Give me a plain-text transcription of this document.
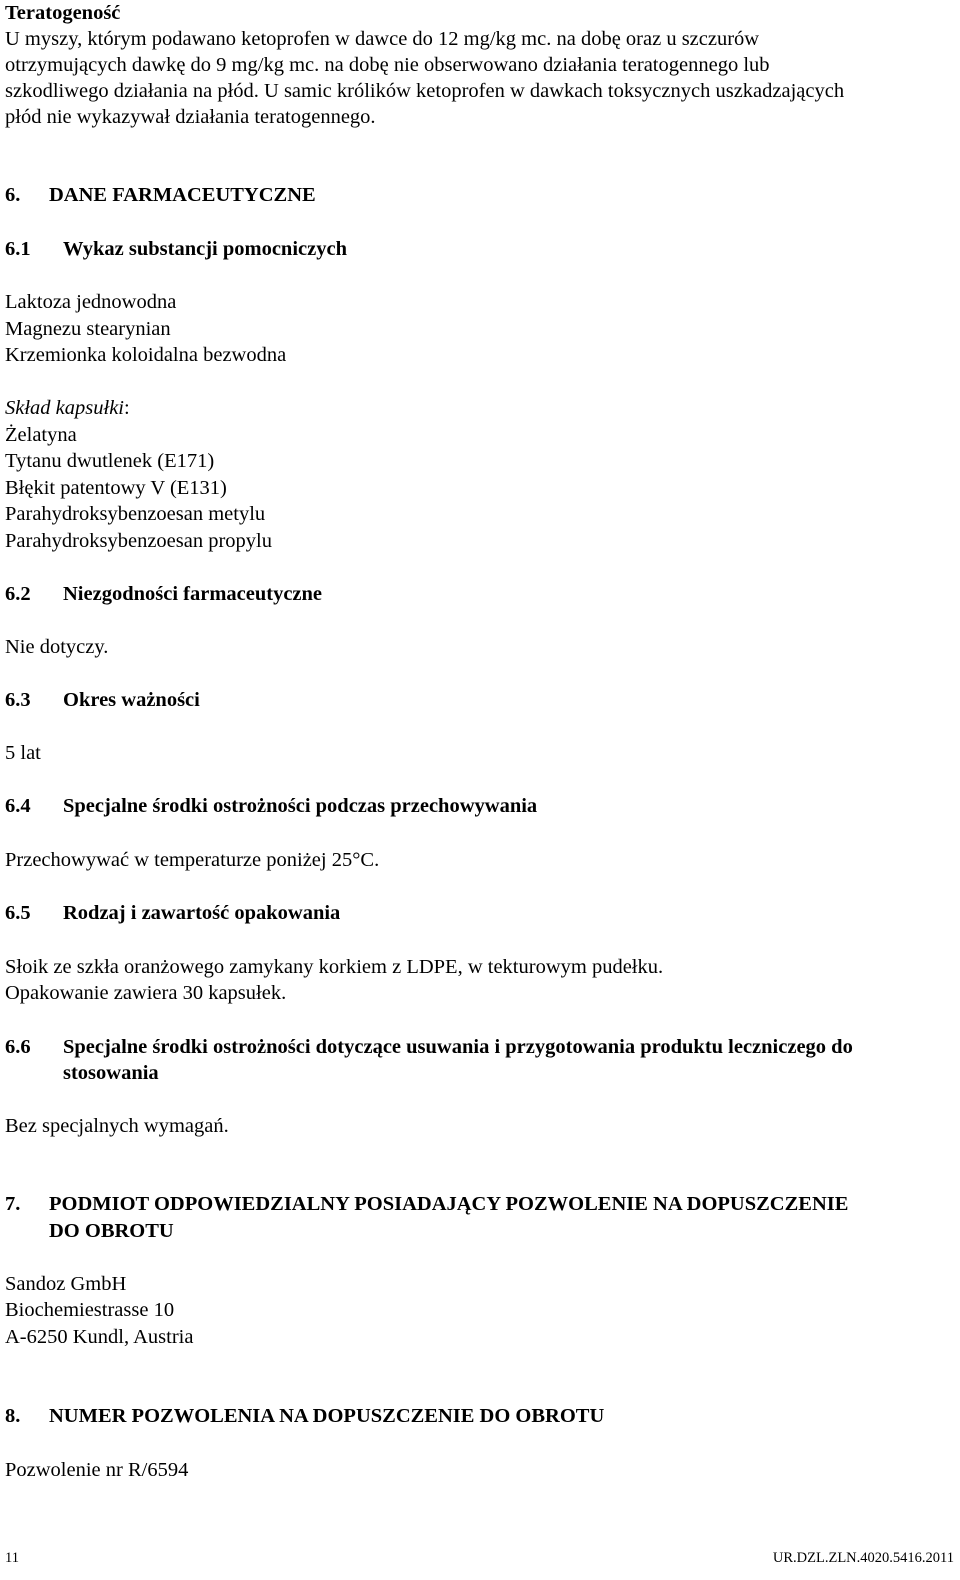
Teratogeność
U myszy, którym podawano ketoprofen w dawce do 12 mg/kg mc. na dobę oraz u szczurów
otrzymujących dawkę do 9 mg/kg mc. na dobę nie obserwowano działania teratogennego lub
szkodliwego działania na płód. U samic królików ketoprofen w dawkach toksycznych uszkadzających
płód nie wykazywał działania teratogennego.
6. DANE FARMACEUTYCZNE
6.1 Wykaz substancji pomocniczych
Laktoza jednowodna
Magnezu stearynian
Krzemionka koloidalna bezwodna
Skład kapsułki:
Żelatyna
Tytanu dwutlenek (E171)
Błękit patentowy V (E131)
Parahydroksybenzoesan metylu
Parahydroksybenzoesan propylu
6.2 Niezgodności farmaceutyczne
Nie dotyczy.
6.3 Okres ważności
5 lat
6.4 Specjalne środki ostrożności podczas przechowywania
Przechowywać w temperaturze poniżej 25°C.
6.5 Rodzaj i zawartość opakowania
Słoik ze szkła oranżowego zamykany korkiem z LDPE, w tekturowym pudełku.
Opakowanie zawiera 30 kapsułek.
6.6 Specjalne środki ostrożności dotyczące usuwania i przygotowania produktu leczniczego do
stosowania
Bez specjalnych wymagań.
7. PODMIOT ODPOWIEDZIALNY POSIADAJĄCY POZWOLENIE NA DOPUSZCZENIE
DO OBROTU
Sandoz GmbH
Biochemiestrasse 10
A-6250 Kundl, Austria
8. NUMER POZWOLENIA NA DOPUSZCZENIE DO OBROTU
Pozwolenie nr R/6594
11	UR.DZL.ZLN.4020.5416.2011
